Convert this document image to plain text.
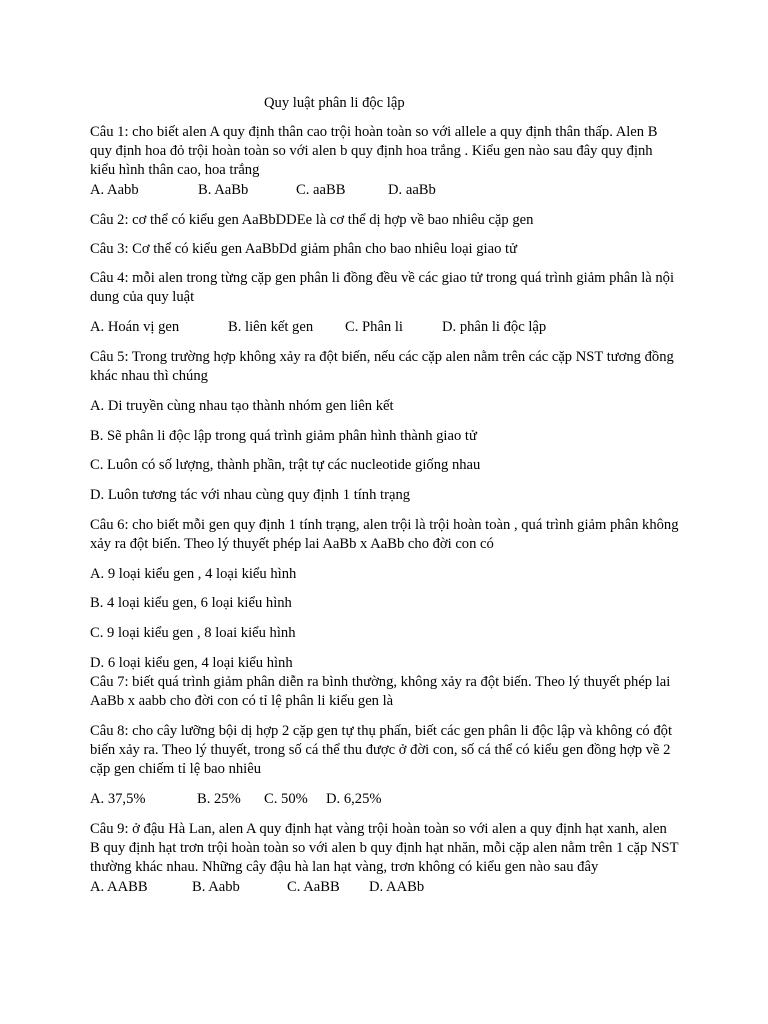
Quy luật phân li độc lập

Câu 1: cho biết alen A quy định thân cao trội hoàn toàn so với allele a quy định thân thấp. Alen B quy định hoa đỏ trội hoàn toàn so với alen b quy định hoa trắng . Kiểu gen nào sau đây quy định kiểu hình thân cao, hoa trắng

A. Aabb	B. AaBb	C. aaBB	D. aaBb

Câu 2: cơ thể có kiểu gen AaBbDDEe là cơ thể dị hợp về bao nhiêu cặp gen

Câu 3: Cơ thể có kiểu gen AaBbDd giảm phân cho bao nhiêu loại giao tử

Câu 4: mỗi alen trong từng cặp gen phân li đồng đều về các giao tử trong quá trình giảm phân là nội dung của quy luật

A. Hoán vị gen	B. liên kết gen C. Phân li	D. phân li độc lập

Câu 5: Trong trường hợp không xảy ra đột biến, nếu các cặp alen nằm trên các cặp NST tương đồng khác nhau thì chúng

A. Di truyền cùng nhau tạo thành nhóm gen liên kết

B. Sẽ phân li độc lập trong quá trình giảm phân hình thành giao tử

C. Luôn có số lượng, thành phần, trật tự các nucleotide giống nhau

D. Luôn tương tác với nhau cùng quy định 1 tính trạng

Câu 6: cho biết mỗi gen quy định 1 tính trạng, alen trội là trội hoàn toàn , quá trình giảm phân không xảy ra đột biến. Theo lý thuyết phép lai AaBb x AaBb cho đời con có

A. 9 loại kiểu gen , 4 loại kiểu hình

B. 4 loại kiểu gen, 6 loại kiểu hình

C. 9 loại kiểu gen , 8 loai kiểu hình

D. 6 loại kiểu gen, 4 loại kiểu hình

Câu 7: biết quá trình giảm phân diễn ra bình thường, không xảy ra đột biến. Theo lý thuyết phép lai AaBb x aabb cho đời con có tỉ lệ phân li kiểu gen là

Câu 8: cho cây lưỡng bội dị hợp 2 cặp gen tự thụ phấn, biết các gen phân li độc lập và không có đột biến xảy ra. Theo lý thuyết, trong số cá thể thu được ở đời con, số cá thể có kiểu gen đồng hợp về 2 cặp gen chiếm tỉ lệ bao nhiêu

A. 37,5%	B. 25% C. 50% D. 6,25%

Câu 9: ở đậu Hà Lan, alen A quy định hạt vàng trội hoàn toàn so với alen a quy định hạt xanh, alen B quy định hạt trơn trội hoàn toàn so với alen b quy định hạt nhăn, mỗi cặp alen nằm trên 1 cặp NST thường khác nhau. Những cây đậu hà lan hạt vàng, trơn không có kiểu gen nào sau đây

A. AABB	B. Aabb	C. AaBB D. AABb
